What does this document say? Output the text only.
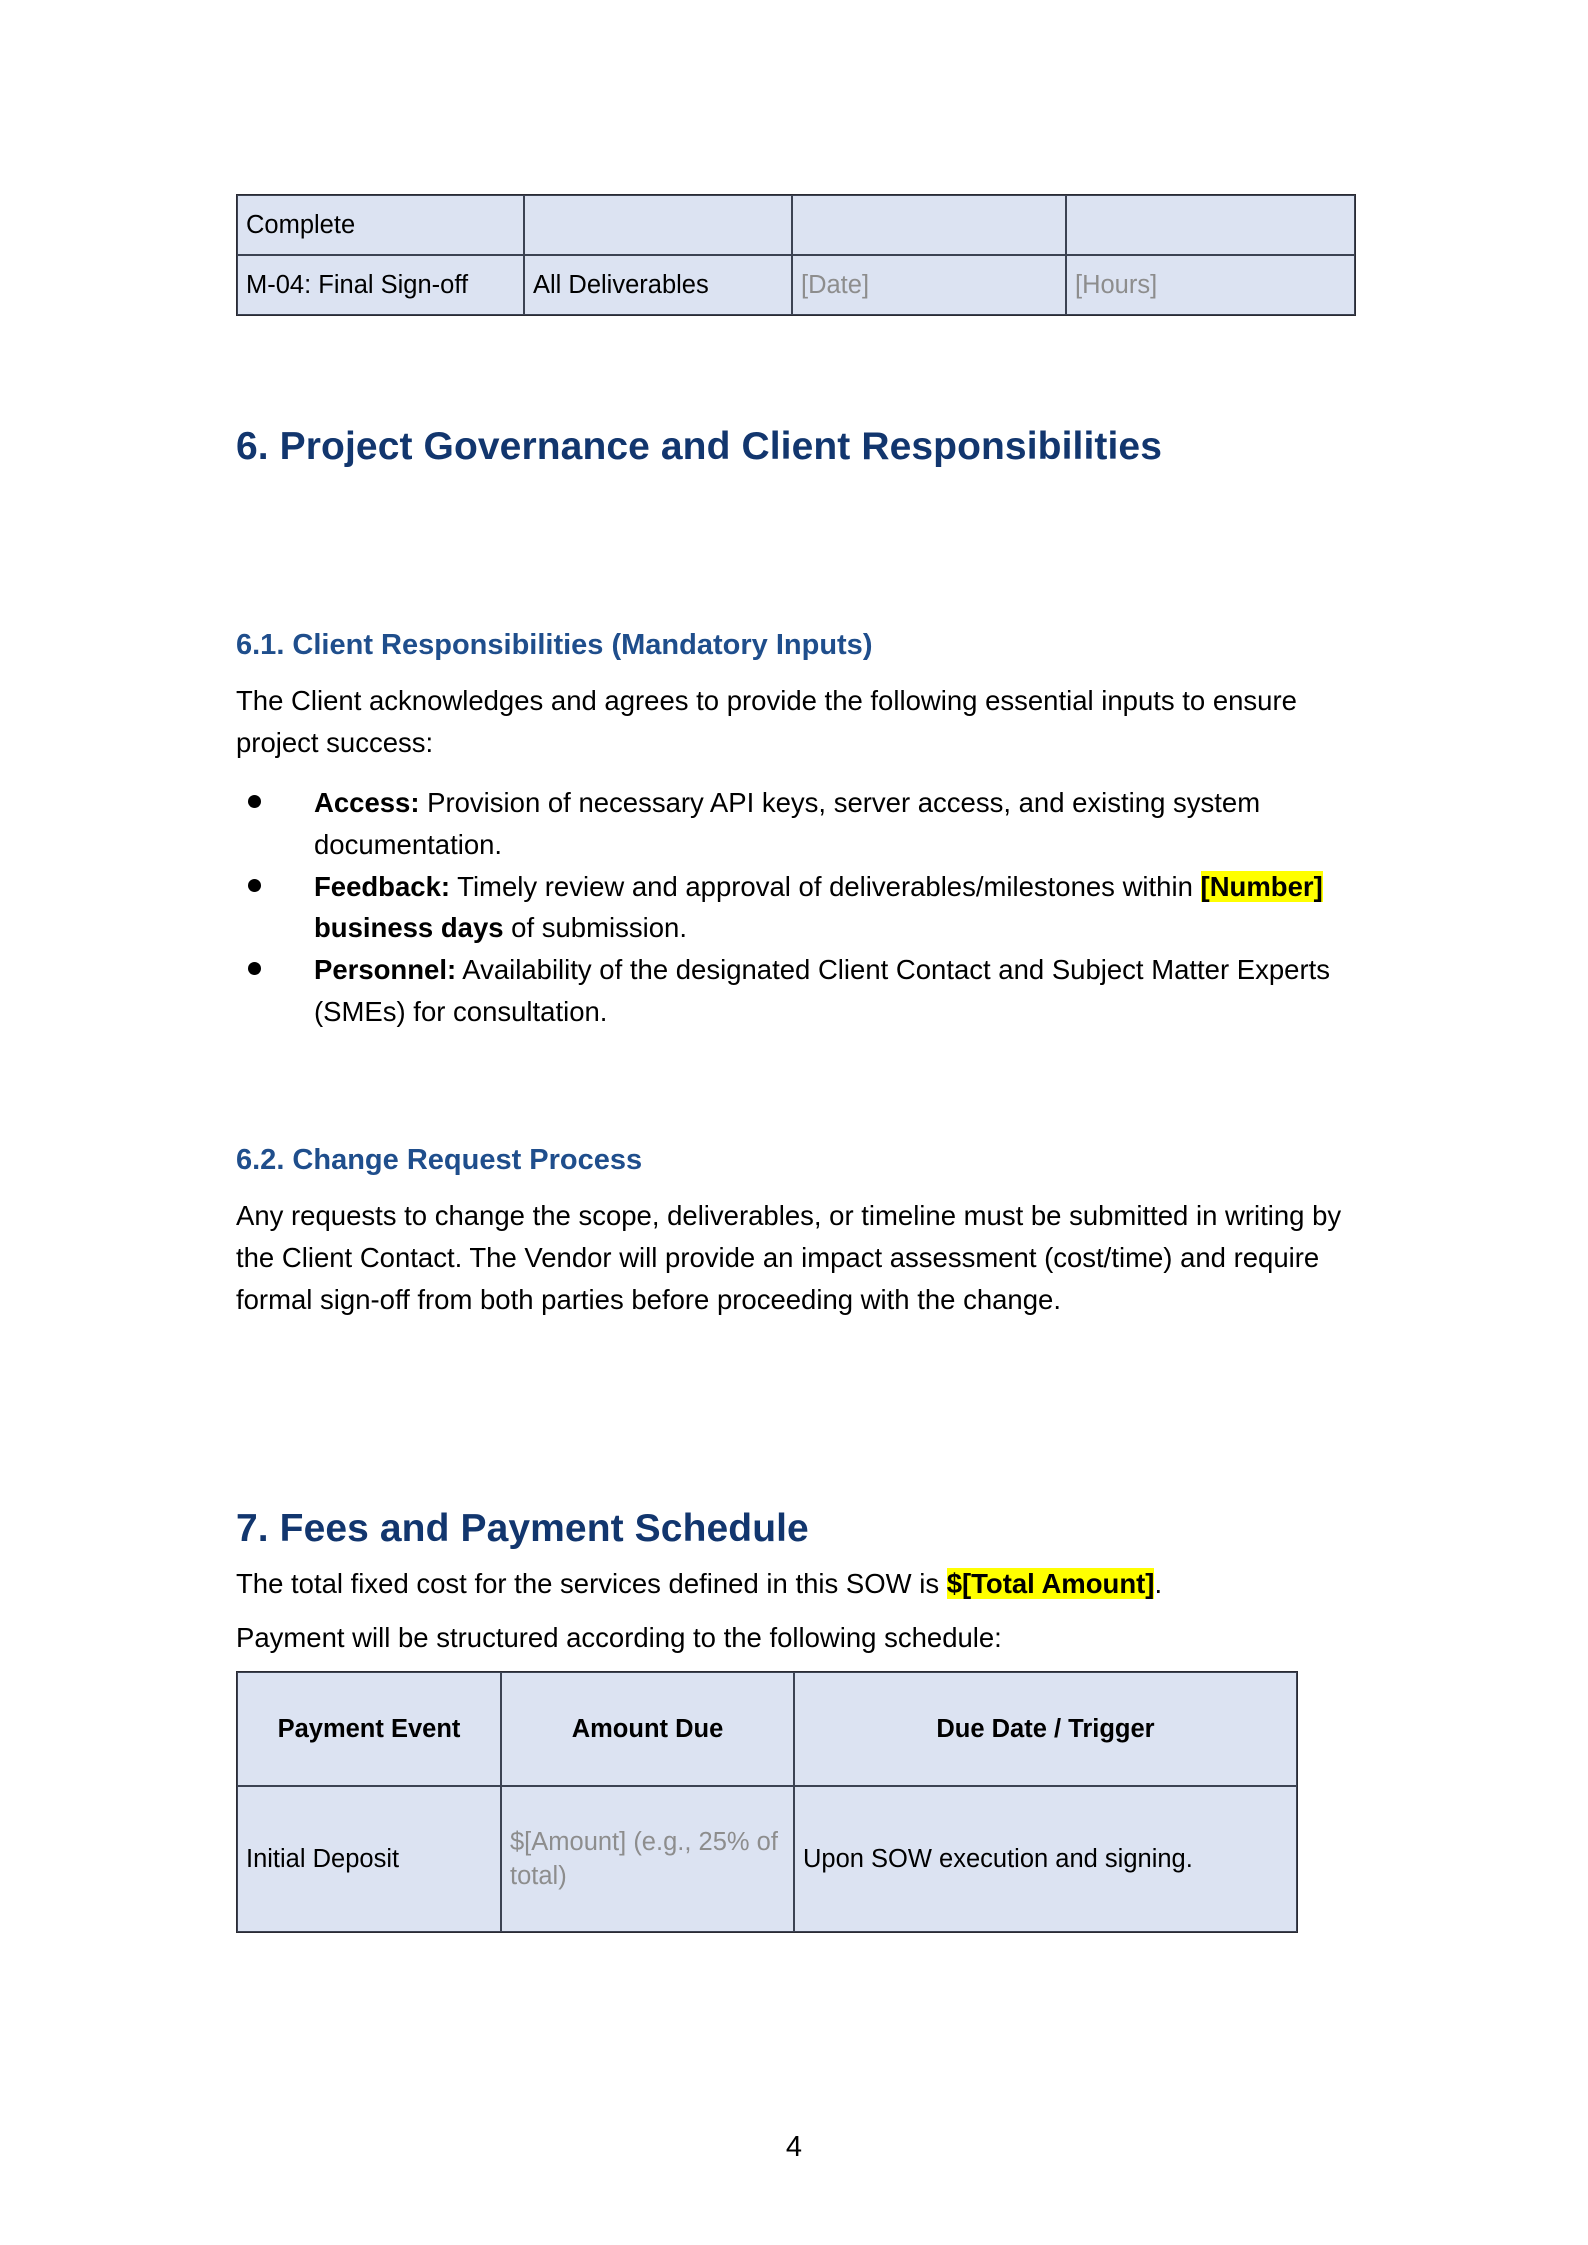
Complete			
M-04: Final Sign-off	All Deliverables	[Date]	[Hours]
6. Project Governance and Client Responsibilities
6.1. Client Responsibilities (Mandatory Inputs)

The Client acknowledges and agrees to provide the following essential inputs to ensure project success:

Access: Provision of necessary API keys, server access, and existing system documentation.
Feedback: Timely review and approval of deliverables/milestones within [Number] business days of submission.
Personnel: Availability of the designated Client Contact and Subject Matter Experts (SMEs) for consultation.
6.2. Change Request Process

Any requests to change the scope, deliverables, or timeline must be submitted in writing by the Client Contact. The Vendor will provide an impact assessment (cost/time) and require formal sign-off from both parties before proceeding with the change.

7. Fees and Payment Schedule

The total fixed cost for the services defined in this SOW is $[Total Amount].

Payment will be structured according to the following schedule:

Payment Event	Amount Due	Due Date / Trigger
Initial Deposit	$[Amount] (e.g., 25% of total)	Upon SOW execution and signing.
4
